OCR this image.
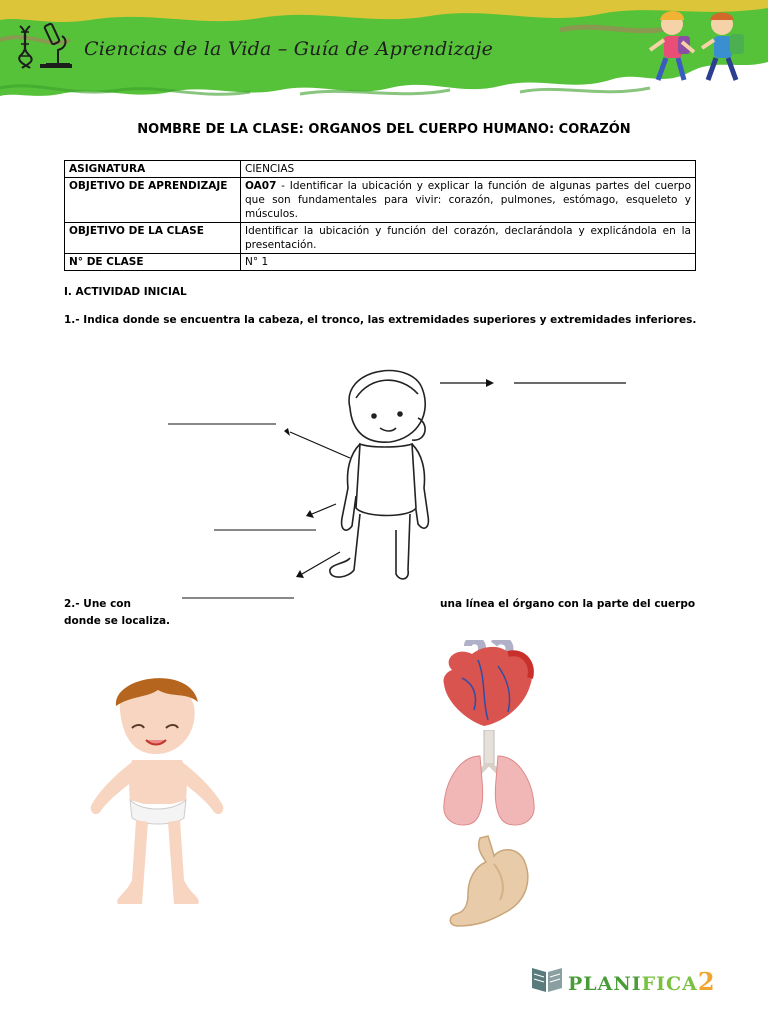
Ciencias de la Vida – Guía de Aprendizaje
NOMBRE DE LA CLASE: ORGANOS DEL CUERPO HUMANO: CORAZÓN
ASIGNATURA	CIENCIAS
OBJETIVO DE APRENDIZAJE	OA07 - Identificar la ubicación y explicar la función de algunas partes del cuerpo que son fundamentales para vivir: corazón, pulmones, estómago, esqueleto y músculos.
OBJETIVO DE LA CLASE	Identificar la ubicación y función del corazón, declarándola y explicándola en la presentación.
N° DE CLASE	N° 1
I. ACTIVIDAD INICIAL
1.- Indica donde se encuentra la cabeza, el tronco, las extremidades superiores y extremidades inferiores.
2.- Une con	una línea el órgano con la parte del cuerpo
donde se localiza.
PLANIFICA2
